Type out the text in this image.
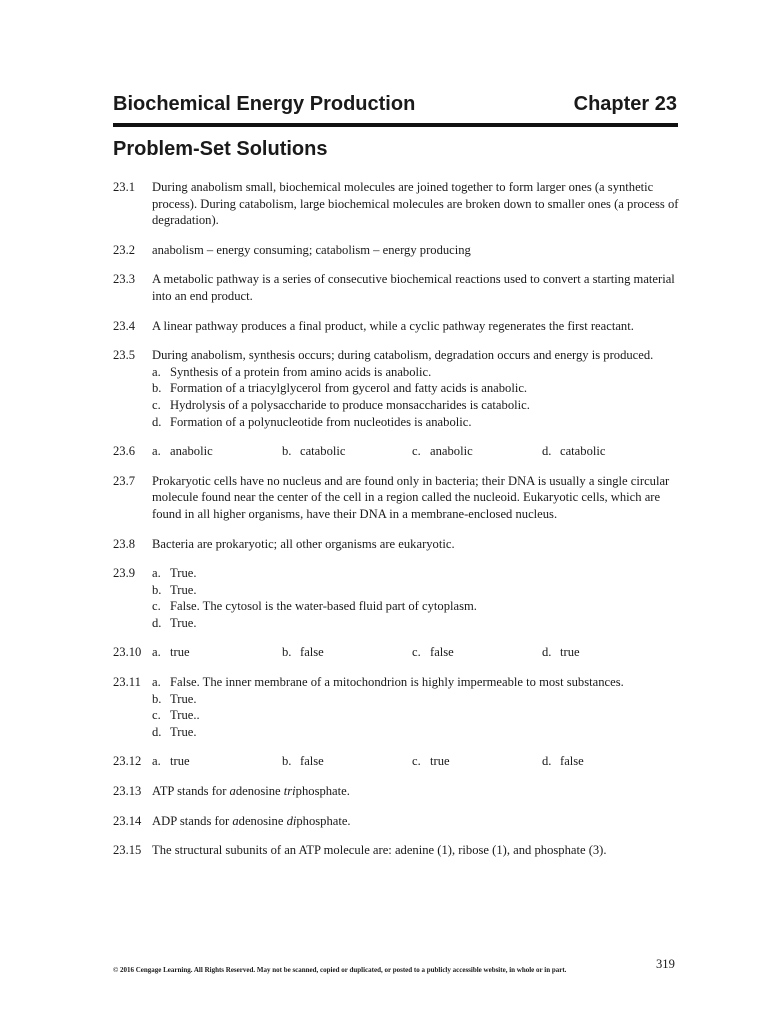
Biochemical Energy Production	Chapter 23
Problem-Set Solutions
23.1 During anabolism small, biochemical molecules are joined together to form larger ones (a synthetic process). During catabolism, large biochemical molecules are broken down to smaller ones (a process of degradation).
23.2 anabolism – energy consuming; catabolism – energy producing
23.3 A metabolic pathway is a series of consecutive biochemical reactions used to convert a starting material into an end product.
23.4 A linear pathway produces a final product, while a cyclic pathway regenerates the first reactant.
23.5 During anabolism, synthesis occurs; during catabolism, degradation occurs and energy is produced.
a. Synthesis of a protein from amino acids is anabolic.
b. Formation of a triacylglycerol from gycerol and fatty acids is anabolic.
c. Hydrolysis of a polysaccharide to produce monsaccharides is catabolic.
d. Formation of a polynucleotide from nucleotides is anabolic.
23.6 a. anabolic	b. catabolic	c. anabolic	d. catabolic
23.7 Prokaryotic cells have no nucleus and are found only in bacteria; their DNA is usually a single circular molecule found near the center of the cell in a region called the nucleoid. Eukaryotic cells, which are found in all higher organisms, have their DNA in a membrane-enclosed nucleus.
23.8 Bacteria are prokaryotic; all other organisms are eukaryotic.
23.9 a. True.
b. True.
c. False. The cytosol is the water-based fluid part of cytoplasm.
d. True.
23.10 a. true	b. false	c. false	d. true
23.11 a. False. The inner membrane of a mitochondrion is highly impermeable to most substances.
b. True.
c. True..
d. True.
23.12 a. true	b. false	c. true	d. false
23.13 ATP stands for adenosine triphosphate.
23.14 ADP stands for adenosine diphosphate.
23.15 The structural subunits of an ATP molecule are: adenine (1), ribose (1), and phosphate (3).
319
© 2016 Cengage Learning. All Rights Reserved. May not be scanned, copied or duplicated, or posted to a publicly accessible website, in whole or in part.
